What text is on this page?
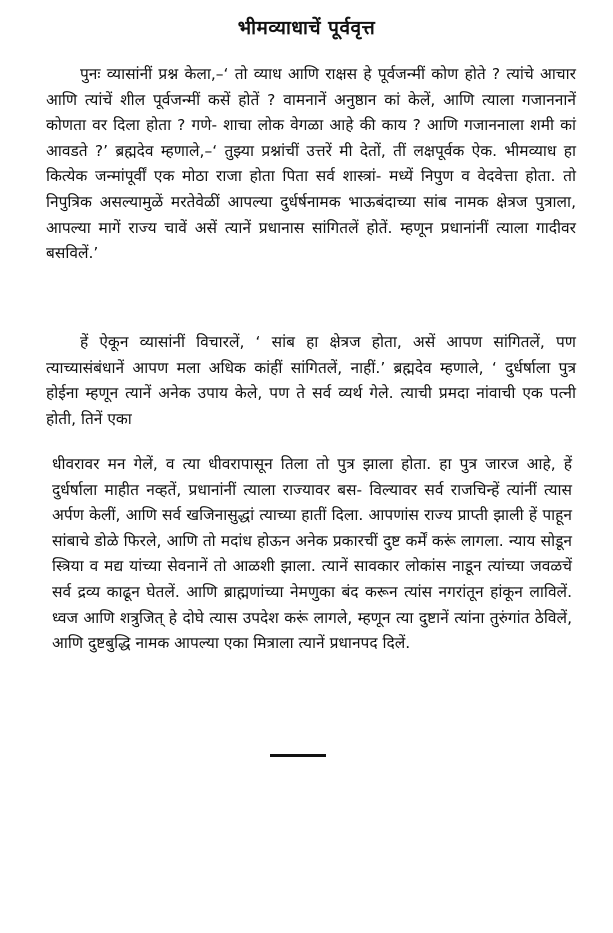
भीमव्याधाचें पूर्ववृत्त

पुनः व्यासांनीं प्रश्न केला,–‘ तो व्याध आणि राक्षस हे पूर्वजन्मीं कोण होते ? त्यांचे आचार आणि त्यांचें शील पूर्वजन्मीं कसें होतें ? वामनानें अनुष्ठान कां केलें, आणि त्याला गजाननानें कोणता वर दिला होता ? गणे- शाचा लोक वेगळा आहे की काय ? आणि गजाननाला शमी कां आवडते ?’ ब्रह्मदेव म्हणाले,–‘ तुझ्या प्रश्नांचीं उत्तरें मी देतों, तीं लक्षपूर्वक ऐक. भीमव्याध हा कित्येक जन्मांपूर्वीं एक मोठा राजा होता पिता सर्व शास्त्रां- मध्यें निपुण व वेदवेत्ता होता. तो निपुत्रिक असल्यामुळें मरतेवेळीं आपल्या दुर्धर्षनामक भाऊबंदाच्या सांब नामक क्षेत्रज पुत्राला, आपल्या मागें राज्य चावें असें त्यानें प्रधानास सांगितलें होतें. म्हणून प्रधानांनीं त्याला गादीवर बसविलें.’

हें ऐकून व्यासांनीं विचारलें, ‘ सांब हा क्षेत्रज होता, असें आपण सांगितलें, पण त्याच्यासंबंधानें आपण मला अधिक कांहीं सांगितलें, नाहीं.’ ब्रह्मदेव म्हणाले, ‘ दुर्धर्षाला पुत्र होईना म्हणून त्यानें अनेक उपाय केले, पण ते सर्व व्यर्थ गेले. त्याची प्रमदा नांवाची एक पत्नी होती, तिनें एका

धीवरावर मन गेलें, व त्या धीवरापासून तिला तो पुत्र झाला होता. हा पुत्र जारज आहे, हें दुर्धर्षाला माहीत नव्हतें, प्रधानांनीं त्याला राज्यावर बस- विल्यावर सर्व राजचिन्हें त्यांनीं त्यास अर्पण केलीं, आणि सर्व खजिनासुद्धां त्याच्या हातीं दिला. आपणांस राज्य प्राप्ती झाली हें पाहून सांबाचे डोळे फिरले, आणि तो मदांध होऊन अनेक प्रकारचीं दुष्ट कर्में करूं लागला. न्याय सोडून स्त्रिया व मद्य यांच्या सेवनानें तो आळशी झाला. त्यानें सावकार लोकांस नाडून त्यांच्या जवळचें सर्व द्रव्य काढून घेतलें. आणि ब्राह्मणांच्या नेमणुका बंद करून त्यांस नगरांतून हांकून लाविलें. ध्वज आणि शत्रुजित् हे दोघे त्यास उपदेश करूं लागले, म्हणून त्या दुष्टानें त्यांना तुरुंगांत ठेविलें, आणि दुष्टबुद्धि नामक आपल्या एका मित्राला त्यानें प्रधानपद दिलें.
